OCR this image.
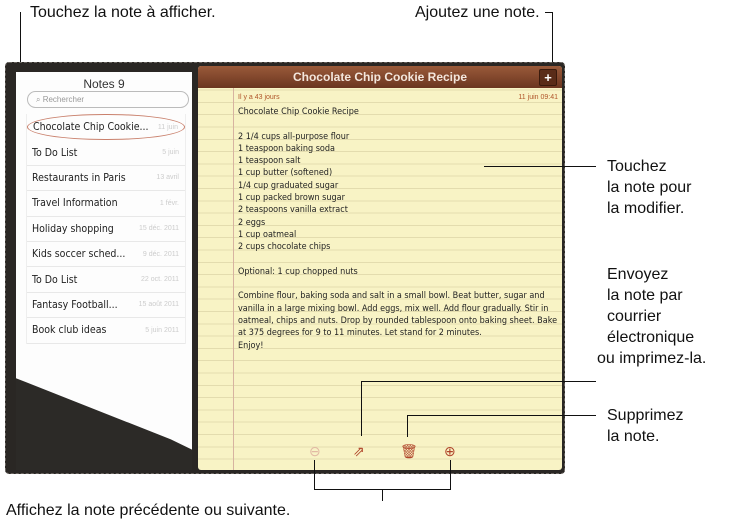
Touchez la note à afficher.	Ajoutez une note.
Notes 9
⌕ Rechercher
Chocolate Chip Cookie... 11 juin
To Do List	5 juin
Restaurants in Paris	13 avril
Travel Information	1 févr.
Holiday shopping	15 déc. 2011
Kids soccer sched... 9 déc. 2011
To Do List	22 oct. 2011
Fantasy Football...	15 août 2011
Book club ideas	5 juin 2011
Chocolate Chip Cookie Recipe	+
Il y a 43 jours	11 juin 09:41
Chocolate Chip Cookie Recipe

2 1/4 cups all-purpose flour
1 teaspoon baking soda
1 teaspoon salt
1 cup butter (softened)
1/4 cup graduated sugar
1 cup packed brown sugar
2 teaspoons vanilla extract
2 eggs
1 cup oatmeal
2 cups chocolate chips

Optional: 1 cup chopped nuts

Combine flour, baking soda and salt in a small bowl. Beat butter, sugar and vanilla in a large mixing bowl. Add eggs, mix well. Add flour gradually. Stir in oatmeal, chips and nuts. Drop by rounded tablespoon onto baking sheet. Bake at 375 degrees for 9 to 11 minutes. Let stand for 2 minutes.
Enjoy!
⊖ ⇗	🗑 ⊕
Touchez
la note pour
la modifier.
Envoyez
la note par
courrier
électronique
ou imprimez-la.
Supprimez
la note.
Affichez la note précédente ou suivante.
